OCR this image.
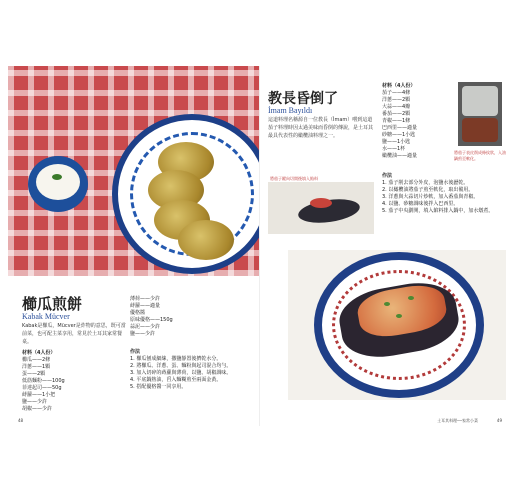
櫛瓜煎餅
Kabak Mücver
Kabak是櫛瓜，Mücver是炸物的意思，既可當前菜，也可配主菜享用，常見於土耳其家常餐桌。
材料（4人份）
櫛瓜——2條
洋蔥——1顆
蛋——2顆
低筋麵粉——100g
菲達起司——50g
蒔蘿——1小把
鹽——少許
胡椒——少許
薄荷——少許
蒔蘿——適量
優格醬
原味優格——150g
蒜泥——少許
鹽——少許
作法
1. 櫛瓜刨成細絲，撒鹽靜置後擠乾水分。
2. 將櫛瓜、洋蔥、蛋、麵粉與起司混合均勻。
3. 加入切碎的蒔蘿與薄荷，以鹽、胡椒調味。
4. 平底鍋熱油，舀入麵糊煎至兩面金黃。
5. 搭配優格醬一同享用。
48
教長昏倒了
İmam Bayıldı
這道料理名稱源自一位教長（İmam）嚐到這道茄子料理時因太過美味而昏倒的傳說，是土耳其最具代表性的橄欖油料理之一。
將茄子縱向切開後填入餡料
材料（4人份）
茄子——4條
洋蔥——2顆
大蒜——4瓣
番茄——2顆
青椒——1條
巴西里——適量
砂糖——1小匙
鹽——1小匙
水——1杯
橄欖油——適量
將茄子表皮削成條紋狀，入油鍋煎至軟化。
作法
1. 茄子削去部分外皮，泡鹽水後瀝乾。
2. 以橄欖油將茄子煎至軟化，取出備用。
3. 洋蔥與大蒜切片炒軟，加入番茄與青椒。
4. 以鹽、砂糖調味後拌入巴西里。
5. 茄子中央劃開，填入餡料排入鍋中，加水燉煮。
土耳其料理──家常小菜	49
